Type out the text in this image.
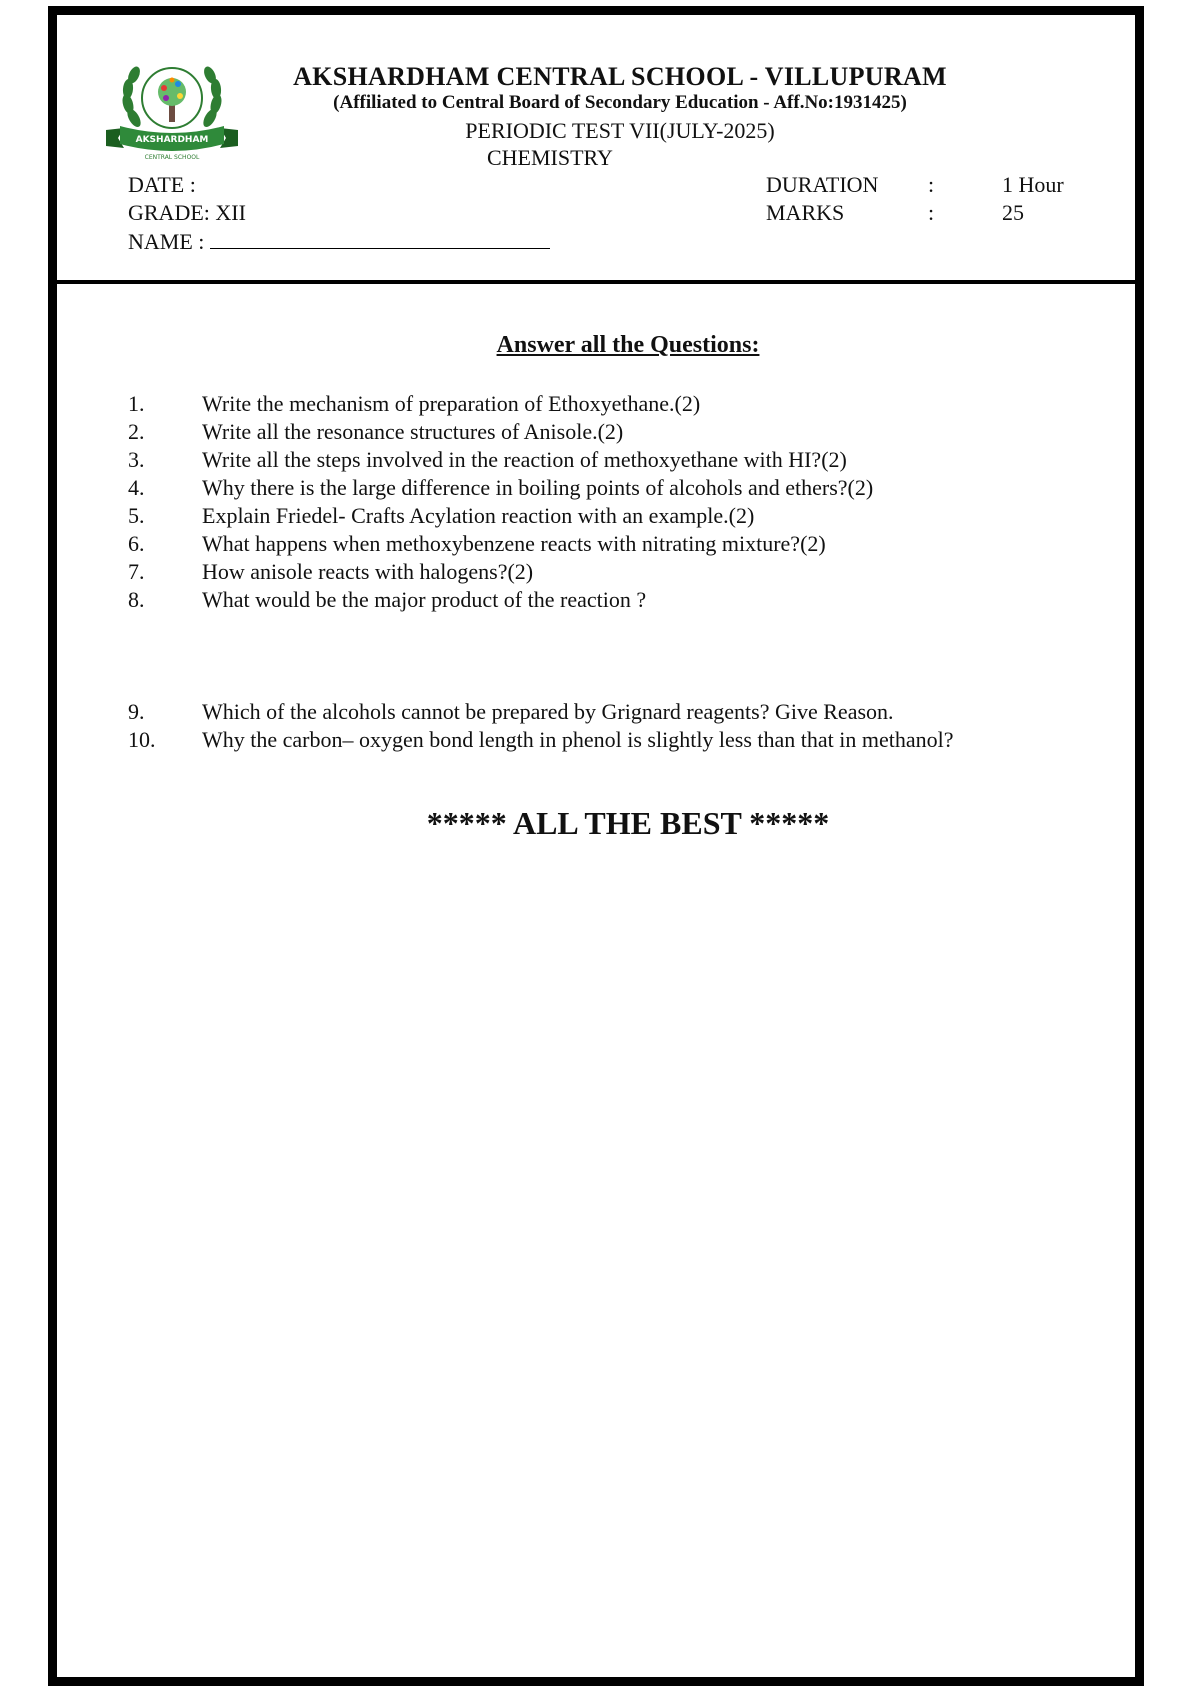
AKSHARDHAM
CENTRAL SCHOOL
AKSHARDHAM CENTRAL SCHOOL - VILLUPURAM
(Affiliated to Central Board of Secondary Education - Aff.No:1931425)
PERIODIC TEST VII(JULY-2025)
CHEMISTRY
DATE :
GRADE: XII
NAME :
DURATION :	1 Hour
MARKS	:	25
Answer all the Questions:
1.	Write the mechanism of preparation of Ethoxyethane.(2)
2.	Write all the resonance structures of Anisole.(2)
3.	Write all the steps involved in the reaction of methoxyethane with HI?(2)
4.	Why there is the large difference in boiling points of alcohols and ethers?(2)
5.	Explain Friedel- Crafts Acylation reaction with an example.(2)
6.	What happens when methoxybenzene reacts with nitrating mixture?(2)
7.	How anisole reacts with halogens?(2)
8.	What would be the major product of the reaction ?
9.	Which of the alcohols cannot be prepared by Grignard reagents? Give Reason.
10.	Why the carbon– oxygen bond length in phenol is slightly less than that in methanol?
***** ALL THE BEST *****
